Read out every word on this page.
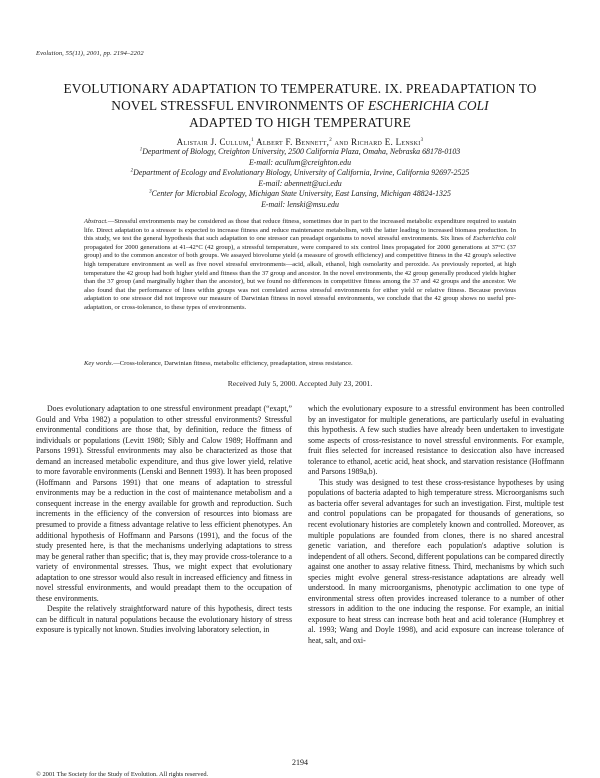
Evolution, 55(11), 2001, pp. 2194–2202
EVOLUTIONARY ADAPTATION TO TEMPERATURE. IX. PREADAPTATION TO
NOVEL STRESSFUL ENVIRONMENTS OF ESCHERICHIA COLI
ADAPTED TO HIGH TEMPERATURE
Alistair J. Cullum,$^1$ Albert F. Bennett,$^2$ and Richard E. Lenski$^3$
$^1$Department of Biology, Creighton University, 2500 California Plaza, Omaha, Nebraska 68178-0103
E-mail: acullum@creighton.edu
$^2$Department of Ecology and Evolutionary Biology, University of California, Irvine, California 92697-2525
E-mail: abennett@uci.edu
$^3$Center for Microbial Ecology, Michigan State University, East Lansing, Michigan 48824-1325
E-mail: lenski@msu.edu

Abstract.—Stressful environments may be considered as those that reduce fitness, sometimes due in part to the increased metabolic expenditure required to sustain life. Direct adaptation to a stressor is expected to increase fitness and reduce maintenance metabolism, with the latter leading to increased biomass production. In this study, we test the general hypothesis that such adaptation to one stressor can preadapt organisms to novel stressful environments. Six lines of Escherichia coli propagated for 2000 generations at 41–42°C (42 group), a stressful temperature, were compared to six control lines propagated for 2000 generations at 37°C (37 group) and to the common ancestor of both groups. We assayed biovolume yield (a measure of growth efficiency) and competitive fitness in the 42 group's selective high temperature environment as well as five novel stressful environments—acid, alkali, ethanol, high osmolarity and peroxide. As previously reported, at high temperature the 42 group had both higher yield and fitness than the 37 group and ancestor. In the novel environments, the 42 group generally produced yields higher than the 37 group (and marginally higher than the ancestor), but we found no differences in competitive fitness among the 37 and 42 groups and the ancestor. We also found that the performance of lines within groups was not correlated across stressful environments for either yield or relative fitness. Because previous adaptation to one stressor did not improve our measure of Darwinian fitness in novel stressful environments, we conclude that the 42 group shows no useful pre-adaptation, or cross-tolerance, to these types of environments.

Key words.—Cross-tolerance, Darwinian fitness, metabolic efficiency, preadaptation, stress resistance.

Received July 5, 2000. Accepted July 23, 2001.

Does evolutionary adaptation to one stressful environment preadapt (“exapt,” Gould and Vrba 1982) a population to other stressful environments? Stressful environmental conditions are those that, by definition, reduce the fitness of individuals or populations (Levitt 1980; Sibly and Calow 1989; Hoffmann and Parsons 1991). Stressful environments may also be characterized as those that demand an increased metabolic expenditure, and thus give lower yield, relative to more favorable environments (Lenski and Bennett 1993). It has been proposed (Hoffmann and Parsons 1991) that one means of adaptation to stressful environments may be a reduction in the cost of maintenance metabolism and a consequent increase in the energy available for growth and reproduction. Such increments in the efficiency of the conversion of resources into biomass are presumed to provide a fitness advantage relative to less efficient phenotypes. An additional hypothesis of Hoffmann and Parsons (1991), and the focus of the study presented here, is that the mechanisms underlying adaptations to stress may be general rather than specific; that is, they may provide cross-tolerance to a variety of environmental stresses. Thus, we might expect that evolutionary adaptation to one stressor would also result in increased efficiency and fitness in novel stressful environments, and would preadapt them to the occupation of these environments.

Despite the relatively straightforward nature of this hypothesis, direct tests can be difficult in natural populations because the evolutionary history of stress exposure is typically not known. Studies involving laboratory selection, in

which the evolutionary exposure to a stressful environment has been controlled by an investigator for multiple generations, are particularly useful in evaluating this hypothesis. A few such studies have already been undertaken to investigate some aspects of cross-resistance to novel stressful environments. For example, fruit flies selected for increased resistance to desiccation also have increased tolerance to ethanol, acetic acid, heat shock, and starvation resistance (Hoffmann and Parsons 1989a,b).

This study was designed to test these cross-resistance hypotheses by using populations of bacteria adapted to high temperature stress. Microorganisms such as bacteria offer several advantages for such an investigation. First, multiple test and control populations can be propagated for thousands of generations, so recent evolutionary histories are completely known and controlled. Moreover, as multiple populations are founded from clones, there is no shared ancestral genetic variation, and therefore each population's adaptive solution is independent of all others. Second, different populations can be compared directly against one another to assay relative fitness. Third, mechanisms by which such species might evolve general stress-resistance adaptations are already well understood. In many microorganisms, phenotypic acclimation to one type of environmental stress often provides increased tolerance to a number of other stressors in addition to the one inducing the response. For example, an initial exposure to heat stress can increase both heat and acid tolerance (Humphrey et al. 1993; Wang and Doyle 1998), and acid exposure can increase tolerance of heat, salt, and oxi-

2194
© 2001 The Society for the Study of Evolution. All rights reserved.
